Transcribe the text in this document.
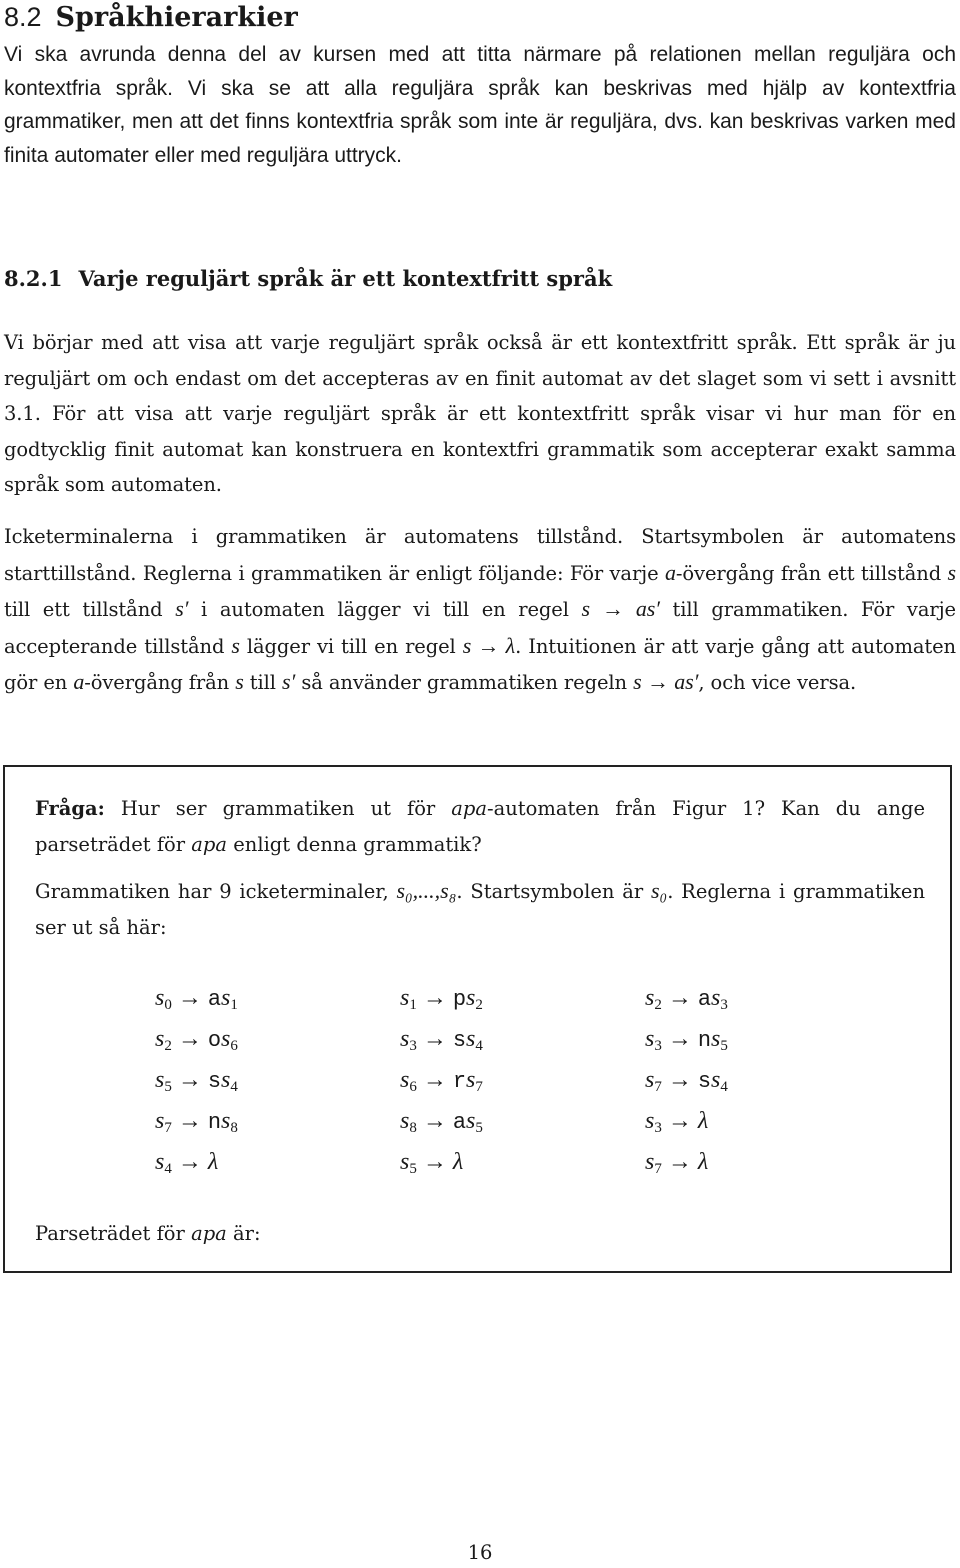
8.2 Språkhierarkier

Vi ska avrunda denna del av kursen med att titta närmare på relationen mellan reguljära och kontextfria språk. Vi ska se att alla reguljära språk kan beskrivas med hjälp av kontextfria grammatiker, men att det finns kontextfria språk som inte är reguljära, dvs. kan beskrivas varken med finita automater eller med reguljära uttryck.

8.2.1 Varje reguljärt språk är ett kontextfritt språk

Vi börjar med att visa att varje reguljärt språk också är ett kontextfritt språk. Ett språk är ju reguljärt om och endast om det accepteras av en finit automat av det slaget som vi sett i avsnitt 3.1. För att visa att varje reguljärt språk är ett kontextfritt språk visar vi hur man för en godtycklig finit automat kan konstruera en kontextfri grammatik som accepterar exakt samma språk som automaten.

Icketerminalerna i grammatiken är automatens tillstånd. Startsymbolen är automatens starttillstånd. Reglerna i grammatiken är enligt följande: För varje a-övergång från ett tillstånd s till ett tillstånd s′ i automaten lägger vi till en regel s → as′ till grammatiken. För varje accepterande tillstånd s lägger vi till en regel s → λ. Intuitionen är att varje gång att automaten gör en a-övergång från s till s′ så använder grammatiken regeln s → as′, och vice versa.

Fråga: Hur ser grammatiken ut för apa-automaten från Figur 1? Kan du ange parseträdet för apa enligt denna grammatik?

Grammatiken har 9 icketerminaler, s₀,...,s₈. Startsymbolen är s₀. Reglerna i grammatiken ser ut så här:

$s_0 \to as_1$	$s_1 \to ps_2$	$s_2 \to as_3$
$s_2 \to os_6$	$s_3 \to ss_4$	$s_3 \to ns_5$
$s_5 \to ss_4$	$s_6 \to rs_7$	$s_7 \to ss_4$
$s_7 \to ns_8$	$s_8 \to as_5$	$s_3 \to \lambda$
$s_4 \to \lambda$	$s_5 \to \lambda$	$s_7 \to \lambda$

Parseträdet för apa är:

16
